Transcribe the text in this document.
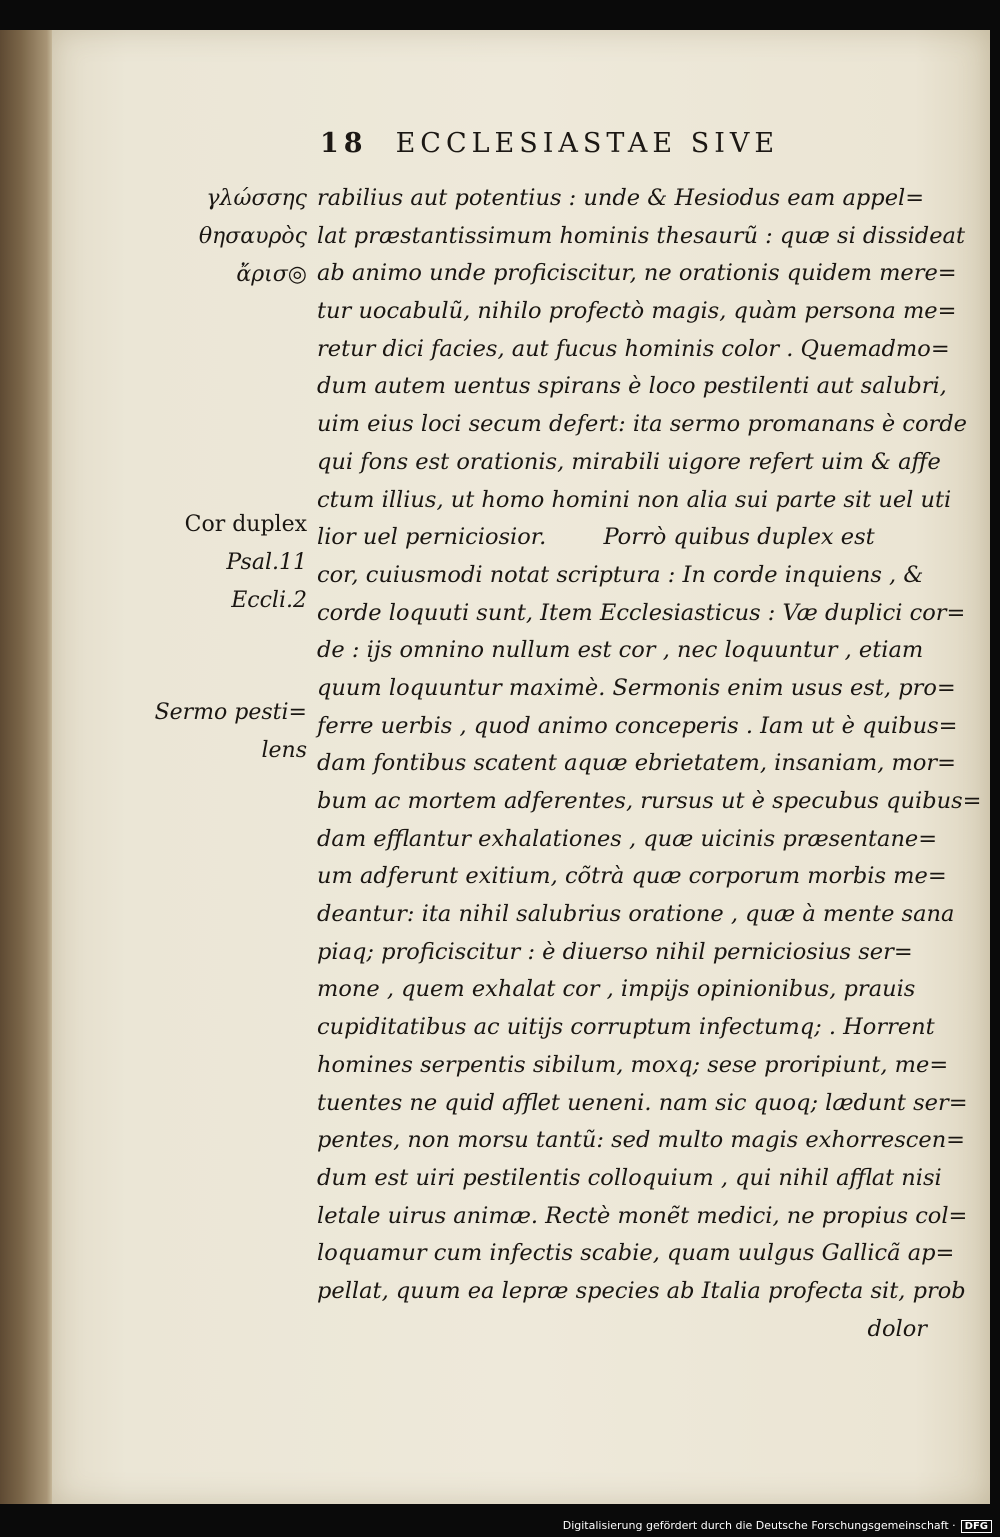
18 ECCLESIASTAE SIVE
γλώσσης
θησαυρὸς
ἄρισ◎
Cor duplex
Psal.11
Eccli.2
Sermo pesti=
lens
rabilius aut potentius : unde & Hesiodus eam appel=
lat præstantissimum hominis thesaurũ : quæ si dissideat
ab animo unde proficiscitur, ne orationis quidem mere=
tur uocabulũ, nihilo profectò magis, quàm persona me=
retur dici facies, aut fucus hominis color . Quemadmo=
dum autem uentus spirans è loco pestilenti aut salubri,
uim eius loci secum defert: ita sermo promanans è corde
qui fons est orationis, mirabili uigore refert uim & affe
ctum illius, ut homo homini non alia sui parte sit uel uti
lior uel perniciosior.        Porrò quibus duplex est
cor, cuiusmodi notat scriptura : In corde inquiens , &
corde loquuti sunt, Item Ecclesiasticus : Væ duplici cor=
de : ijs omnino nullum est cor , nec loquuntur , etiam
quum loquuntur maximè. Sermonis enim usus est, pro=
ferre uerbis , quod animo conceperis . Iam ut è quibus=
dam fontibus scatent aquæ ebrietatem, insaniam, mor=
bum ac mortem adferentes, rursus ut è specubus quibus=
dam efflantur exhalationes , quæ uicinis præsentane=
um adferunt exitium, cõtrà quæ corporum morbis me=
deantur: ita nihil salubrius oratione , quæ à mente sana
piaq; proficiscitur : è diuerso nihil perniciosius ser=
mone , quem exhalat cor , impijs opinionibus, prauis
cupiditatibus ac uitijs corruptum infectumq; . Horrent
homines serpentis sibilum, moxq; sese proripiunt, me=
tuentes ne quid afflet ueneni. nam sic quoq; lædunt ser=
pentes, non morsu tantũ: sed multo magis exhorrescen=
dum est uiri pestilentis colloquium , qui nihil afflat nisi
letale uirus animæ. Rectè monẽt medici, ne propius col=
loquamur cum infectis scabie, quam uulgus Gallicã ap=
pellat, quum ea lepræ species ab Italia profecta sit, prob
dolor
Digitalisierung gefördert durch die Deutsche Forschungsgemeinschaft · DFG
